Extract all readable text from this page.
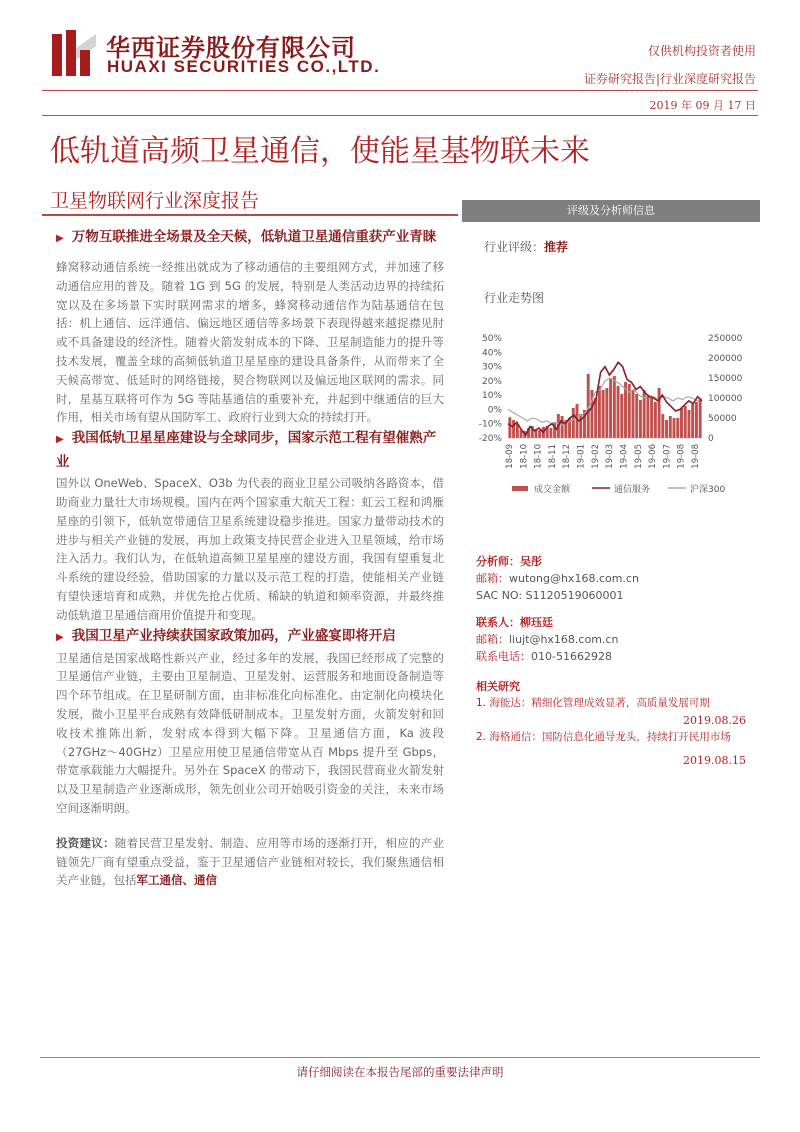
华西证券股份有限公司
HUAXI SECURITIES CO.,LTD.
仅供机构投资者使用
证券研究报告|行业深度研究报告
2019 年 09 月 17 日
低轨道高频卫星通信，使能星基物联未来
卫星物联网行业深度报告

▶ 万物互联推进全场景及全天候，低轨道卫星通信重获产业青睐

蜂窝移动通信系统一经推出就成为了移动通信的主要组网方式，并加速了移动通信应用的普及。随着 1G 到 5G 的发展，特别是人类活动边界的持续拓宽以及在多场景下实时联网需求的增多，蜂窝移动通信作为陆基通信在包括：机上通信、远洋通信、偏远地区通信等多场景下表现得越来越捉襟见肘或不具备建设的经济性。随着火箭发射成本的下降、卫星制造能力的提升等技术发展，覆盖全球的高频低轨道卫星星座的建设具备条件，从而带来了全天候高带宽、低延时的网络链接，契合物联网以及偏远地区联网的需求。同时，星基互联将可作为 5G 等陆基通信的重要补充，并起到中继通信的巨大作用，相关市场有望从国防军工、政府行业到大众的持续打开。

▶ 我国低轨卫星星座建设与全球同步，国家示范工程有望催熟产业

国外以 OneWeb、SpaceX、O3b 为代表的商业卫星公司吸纳各路资本，借助商业力量壮大市场规模。国内在两个国家重大航天工程：虹云工程和鸿雁星座的引领下，低轨宽带通信卫星系统建设稳步推进。国家力量带动技术的进步与相关产业链的发展，再加上政策支持民营企业进入卫星领域，给市场注入活力。我们认为，在低轨道高频卫星星座的建设方面，我国有望重复北斗系统的建设经验，借助国家的力量以及示范工程的打造，使能相关产业链有望快速培育和成熟，并优先抢占优质、稀缺的轨道和频率资源，并最终推动低轨道卫星通信商用价值提升和变现。

▶ 我国卫星产业持续获国家政策加码，产业盛宴即将开启

卫星通信是国家战略性新兴产业，经过多年的发展，我国已经形成了完整的卫星通信产业链，主要由卫星制造、卫星发射、运营服务和地面设备制造等四个环节组成。在卫星研制方面，由非标准化向标准化、由定制化向模块化发展，微小卫星平台成熟有效降低研制成本。卫星发射方面，火箭发射和回收技术推陈出新，发射成本得到大幅下降。卫星通信方面，Ka 波段（27GHz～40GHz）卫星应用使卫星通信带宽从百 Mbps 提升至 Gbps，带宽承载能力大幅提升。另外在 SpaceX 的带动下，我国民营商业火箭发射以及卫星制造产业逐渐成形，领先创业公司开始吸引资金的关注，未来市场空间逐渐明朗。

投资建议：随着民营卫星发射、制造、应用等市场的逐渐打开，相应的产业链领先厂商有望重点受益，鉴于卫星通信产业链相对较长，我们聚焦通信相关产业链，包括军工通信、通信

评级及分析师信息
行业评级：推荐
行业走势图
50%
40%
30%
20%
10%
0%
-10%
-20%
250000
200000
150000
100000
50000
0
18-09 18-10 18-10 18-11 18-12 19-01 19-02 19-03 19-04 19-05 19-06 19-07 19-08 19-08
成交金额	通信服务	沪深300
分析师：吴彤
邮箱：wutong@hx168.com.cn
SAC NO: S1120519060001
联系人：柳珏廷
邮箱：liujt@hx168.com.cn
联系电话：010-51662928
相关研究
1. 海能达：精细化管理成效显著，高质量发展可期
2019.08.26
2. 海格通信：国防信息化通导龙头，持续打开民用市场
2019.08.15
请仔细阅读在本报告尾部的重要法律声明
